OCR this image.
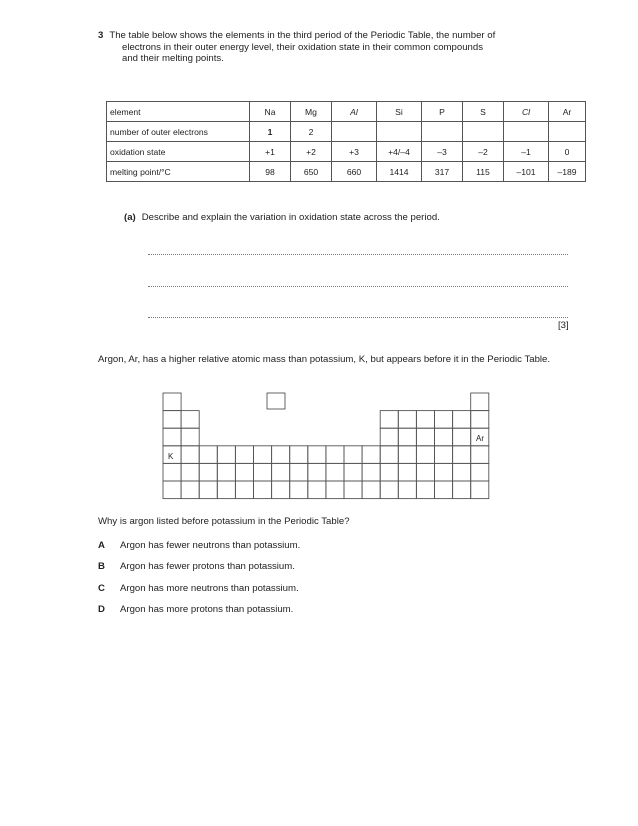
3 The table below shows the elements in the third period of the Periodic Table, the number of
electrons in their outer energy level, their oxidation state in their common compounds
and their melting points.
element	Na	Mg	Al	Si	P	S	Cl	Ar
number of outer electrons	1	2						
oxidation state	+1	+2	+3	+4/–4	–3	–2	–1	0
melting point/°C	98	650	660	1414	317	115	–101	–189
(a) Describe and explain the variation in oxidation state across the period.
[3]
Argon, Ar, has a higher relative atomic mass than potassium, K, but appears before it in the Periodic Table.
Ar
K
Why is argon listed before potassium in the Periodic Table?
A Argon has fewer neutrons than potassium.
B Argon has fewer protons than potassium.
C Argon has more neutrons than potassium.
D Argon has more protons than potassium.
